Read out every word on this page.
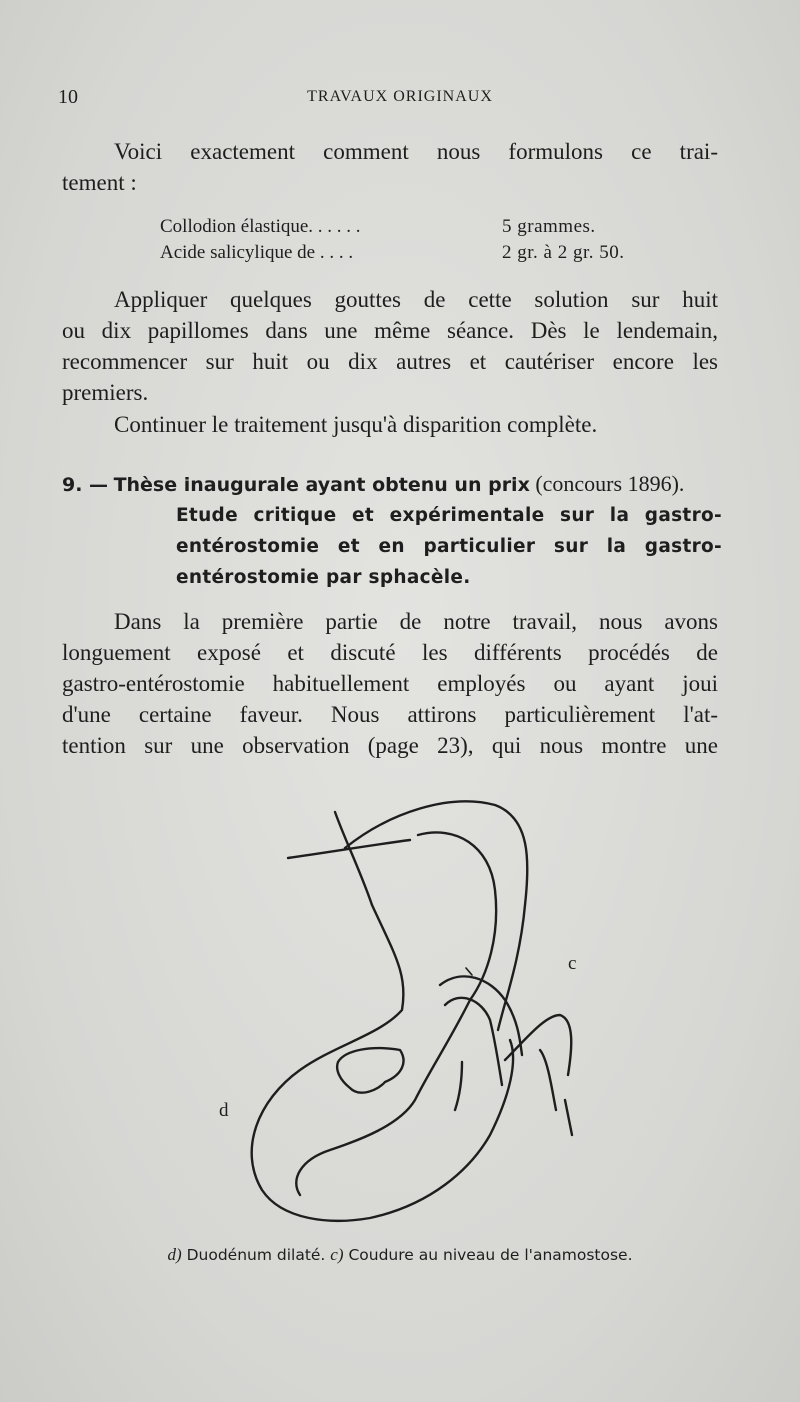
10	TRAVAUX ORIGINAUX
Voici exactement comment nous formulons ce trai-
tement :
Collodion élastique. . . . . .	5 grammes.
Acide salicylique de . . . .	2 gr. à 2 gr. 50.
Appliquer quelques gouttes de cette solution sur huit
ou dix papillomes dans une même séance. Dès le lendemain,
recommencer sur huit ou dix autres et cautériser encore les
premiers.
Continuer le traitement jusqu'à disparition complète.
9. — Thèse inaugurale ayant obtenu un prix (concours 1896).
Etude critique et expérimentale sur la gastro-
entérostomie et en particulier sur la gastro-
entérostomie par sphacèle.
Dans la première partie de notre travail, nous avons
longuement exposé et discuté les différents procédés de
gastro-entérostomie habituellement employés ou ayant joui
d'une certaine faveur. Nous attirons particulièrement l'at-
tention sur une observation (page 23), qui nous montre une
c
d
d) Duodénum dilaté. c) Coudure au niveau de l'anamostose.
